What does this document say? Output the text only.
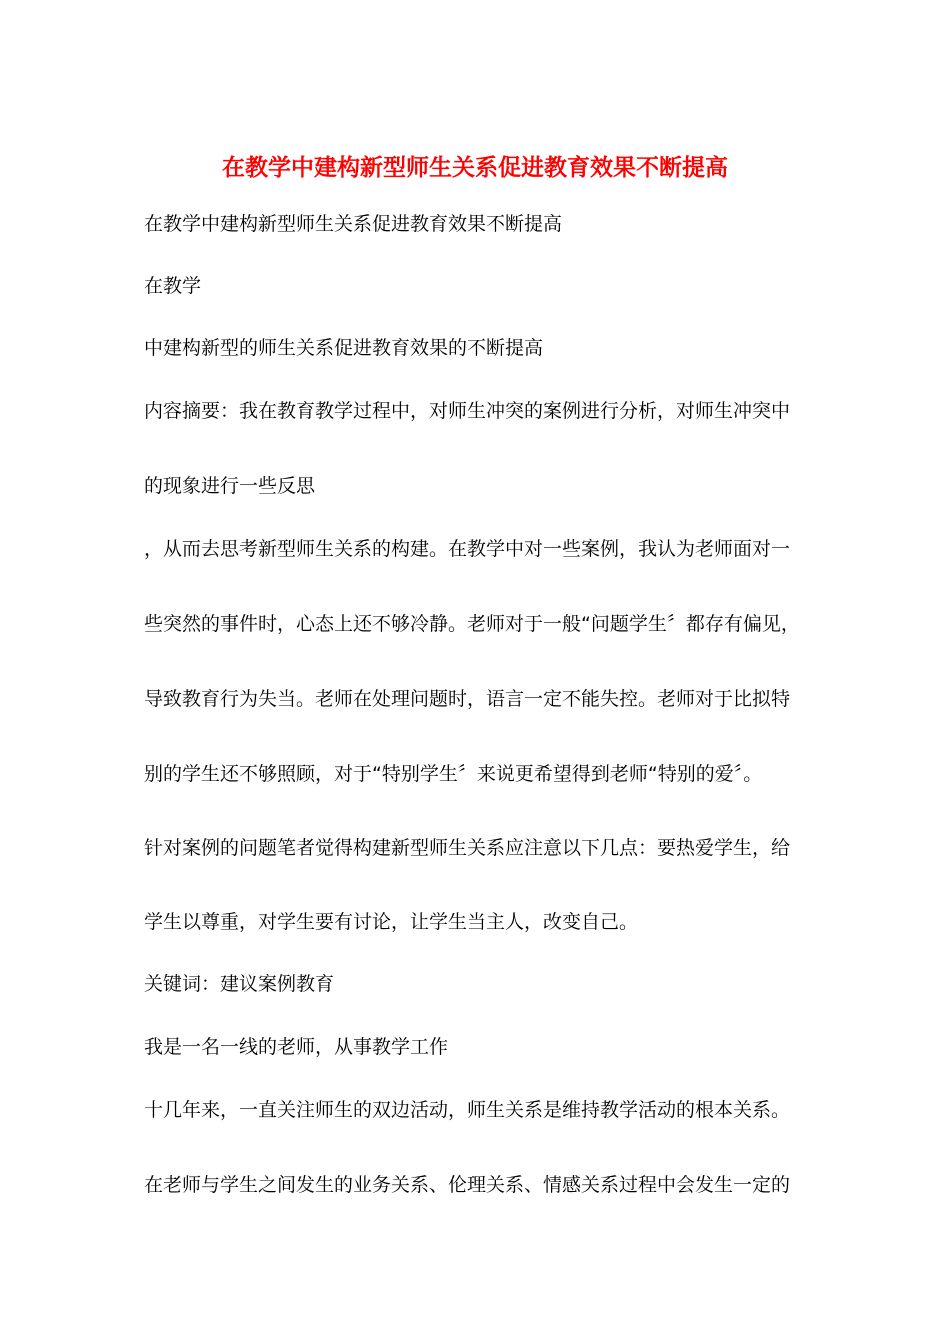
在教学中建构新型师生关系促进教育效果不断提高
在教学中建构新型师生关系促进教育效果不断提高
在教学
中建构新型的师生关系促进教育效果的不断提高
内容摘要：我在教育教学过程中，对师生冲突的案例进行分析，对师生冲突中
的现象进行一些反思
，从而去思考新型师生关系的构建。在教学中对一些案例，我认为老师面对一
些突然的事件时，心态上还不够冷静。老师对于一般“问题学生〞都存有偏见，
导致教育行为失当。老师在处理问题时，语言一定不能失控。老师对于比拟特
别的学生还不够照顾，对于“特别学生〞来说更希望得到老师“特别的爱〞。
针对案例的问题笔者觉得构建新型师生关系应注意以下几点：要热爱学生，给
学生以尊重，对学生要有讨论，让学生当主人，改变自己。
关键词：建议案例教育
我是一名一线的老师，从事教学工作
十几年来，一直关注师生的双边活动，师生关系是维持教学活动的根本关系。
在老师与学生之间发生的业务关系、伦理关系、情感关系过程中会发生一定的
